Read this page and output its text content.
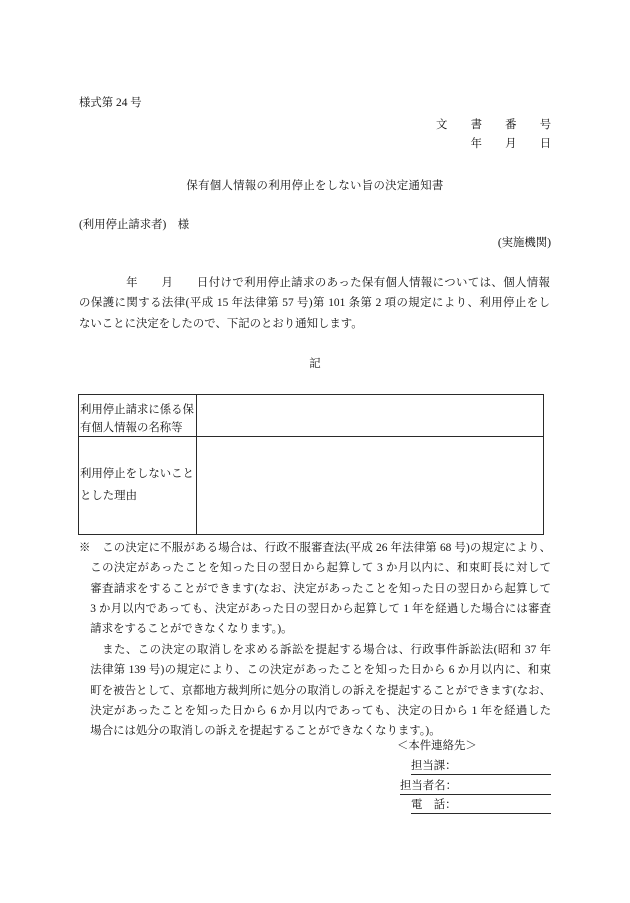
様式第 24 号
文　書　番　号
年　月　日
保有個人情報の利用停止をしない旨の決定通知書
(利用停止請求者)　様
(実施機関)
　　　　年　　月　　日付けで利用停止請求のあった保有個人情報については、個人情報
の保護に関する法律(平成 15 年法律第 57 号)第 101 条第 2 項の規定により、利用停止をし
ないことに決定をしたので、下記のとおり通知します。
記
利用停止請求に係る保
有個人情報の名称等
利用停止をしないこと
とした理由
※　この決定に不服がある場合は、行政不服審査法(平成 26 年法律第 68 号)の規定により、
この決定があったことを知った日の翌日から起算して 3 か月以内に、和束町長に対して
審査請求をすることができます(なお、決定があったことを知った日の翌日から起算して
3 か月以内であっても、決定があった日の翌日から起算して 1 年を経過した場合には審査
請求をすることができなくなります。)。
　また、この決定の取消しを求める訴訟を提起する場合は、行政事件訴訟法(昭和 37 年
法律第 139 号)の規定により、この決定があったことを知った日から 6 か月以内に、和束
町を被告として、京都地方裁判所に処分の取消しの訴えを提起することができます(なお、
決定があったことを知った日から 6 か月以内であっても、決定の日から 1 年を経過した
場合には処分の取消しの訴えを提起することができなくなります。)。
＜本件連絡先＞
担当課：
担当者名：
電　話：
